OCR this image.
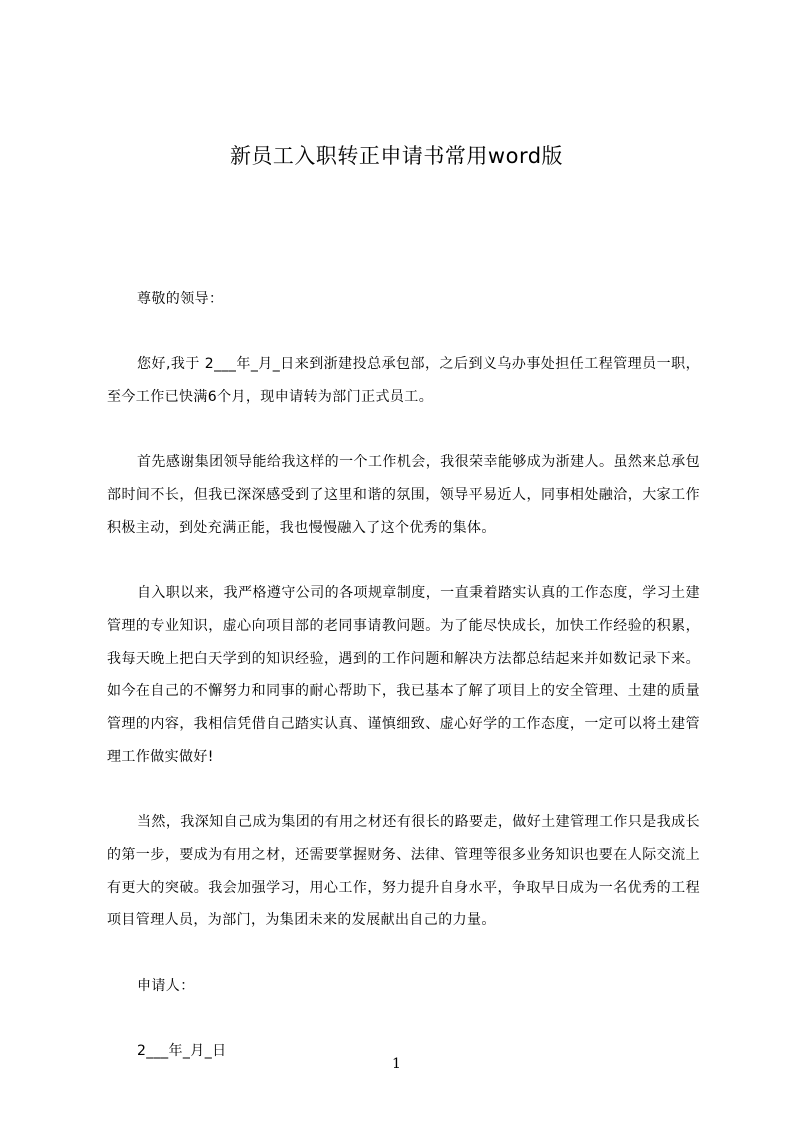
新员工入职转正申请书常用word版
尊敬的领导：
您好,我于 2___年_月_日来到浙建投总承包部，之后到义乌办事处担任工程管理员一职，至今工作已快满6个月，现申请转为部门正式员工。
首先感谢集团领导能给我这样的一个工作机会，我很荣幸能够成为浙建人。虽然来总承包部时间不长，但我已深深感受到了这里和谐的氛围，领导平易近人，同事相处融洽，大家工作积极主动，到处充满正能，我也慢慢融入了这个优秀的集体。
自入职以来，我严格遵守公司的各项规章制度，一直秉着踏实认真的工作态度，学习土建管理的专业知识，虚心向项目部的老同事请教问题。为了能尽快成长，加快工作经验的积累，我每天晚上把白天学到的知识经验，遇到的工作问题和解决方法都总结起来并如数记录下来。如今在自己的不懈努力和同事的耐心帮助下，我已基本了解了项目上的安全管理、土建的质量管理的内容，我相信凭借自己踏实认真、谨慎细致、虚心好学的工作态度，一定可以将土建管理工作做实做好!
当然，我深知自己成为集团的有用之材还有很长的路要走，做好土建管理工作只是我成长的第一步，要成为有用之材，还需要掌握财务、法律、管理等很多业务知识也要在人际交流上有更大的突破。我会加强学习，用心工作，努力提升自身水平，争取早日成为一名优秀的工程项目管理人员，为部门，为集团未来的发展献出自己的力量。
申请人：
2___年_月_日
1
